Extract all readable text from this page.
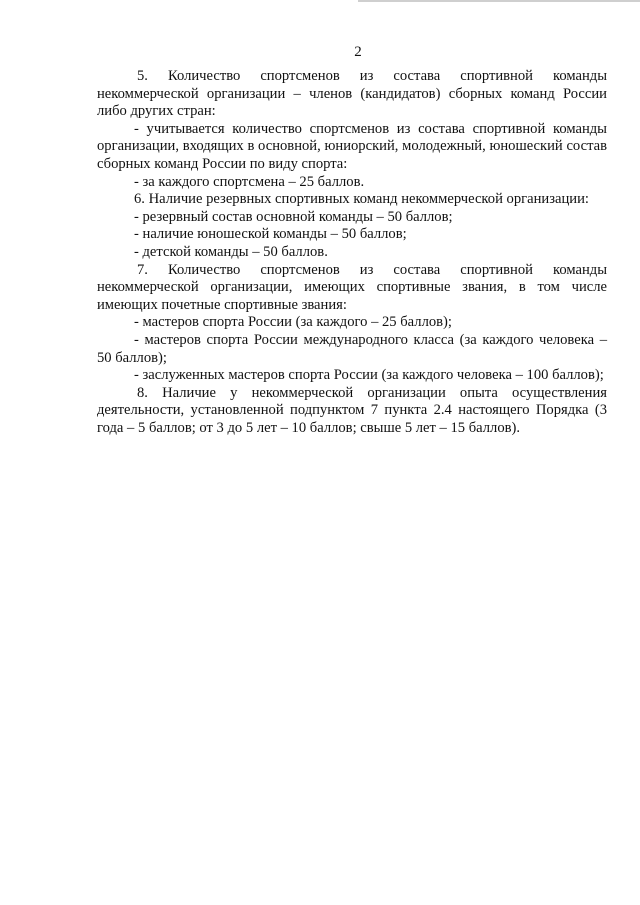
2

5. Количество спортсменов из состава спортивной команды некоммерческой организации – членов (кандидатов) сборных команд России либо других стран:

- учитывается количество спортсменов из состава спортивной команды организации, входящих в основной, юниорский, молодежный, юношеский состав сборных команд России по виду спорта:

- за каждого спортсмена – 25 баллов.

6. Наличие резервных спортивных команд некоммерческой организации:

- резервный состав основной команды – 50 баллов;

- наличие юношеской команды – 50 баллов;

- детской команды – 50 баллов.

7. Количество спортсменов из состава спортивной команды некоммерческой организации, имеющих спортивные звания, в том числе имеющих почетные спортивные звания:

- мастеров спорта России (за каждого – 25 баллов);

- мастеров спорта России международного класса (за каждого человека – 50 баллов);

- заслуженных мастеров спорта России (за каждого человека – 100 баллов);

8. Наличие у некоммерческой организации опыта осуществления деятельности, установленной подпунктом 7 пункта 2.4 настоящего Порядка (3 года – 5 баллов; от 3 до 5 лет – 10 баллов; свыше 5 лет – 15 баллов).
